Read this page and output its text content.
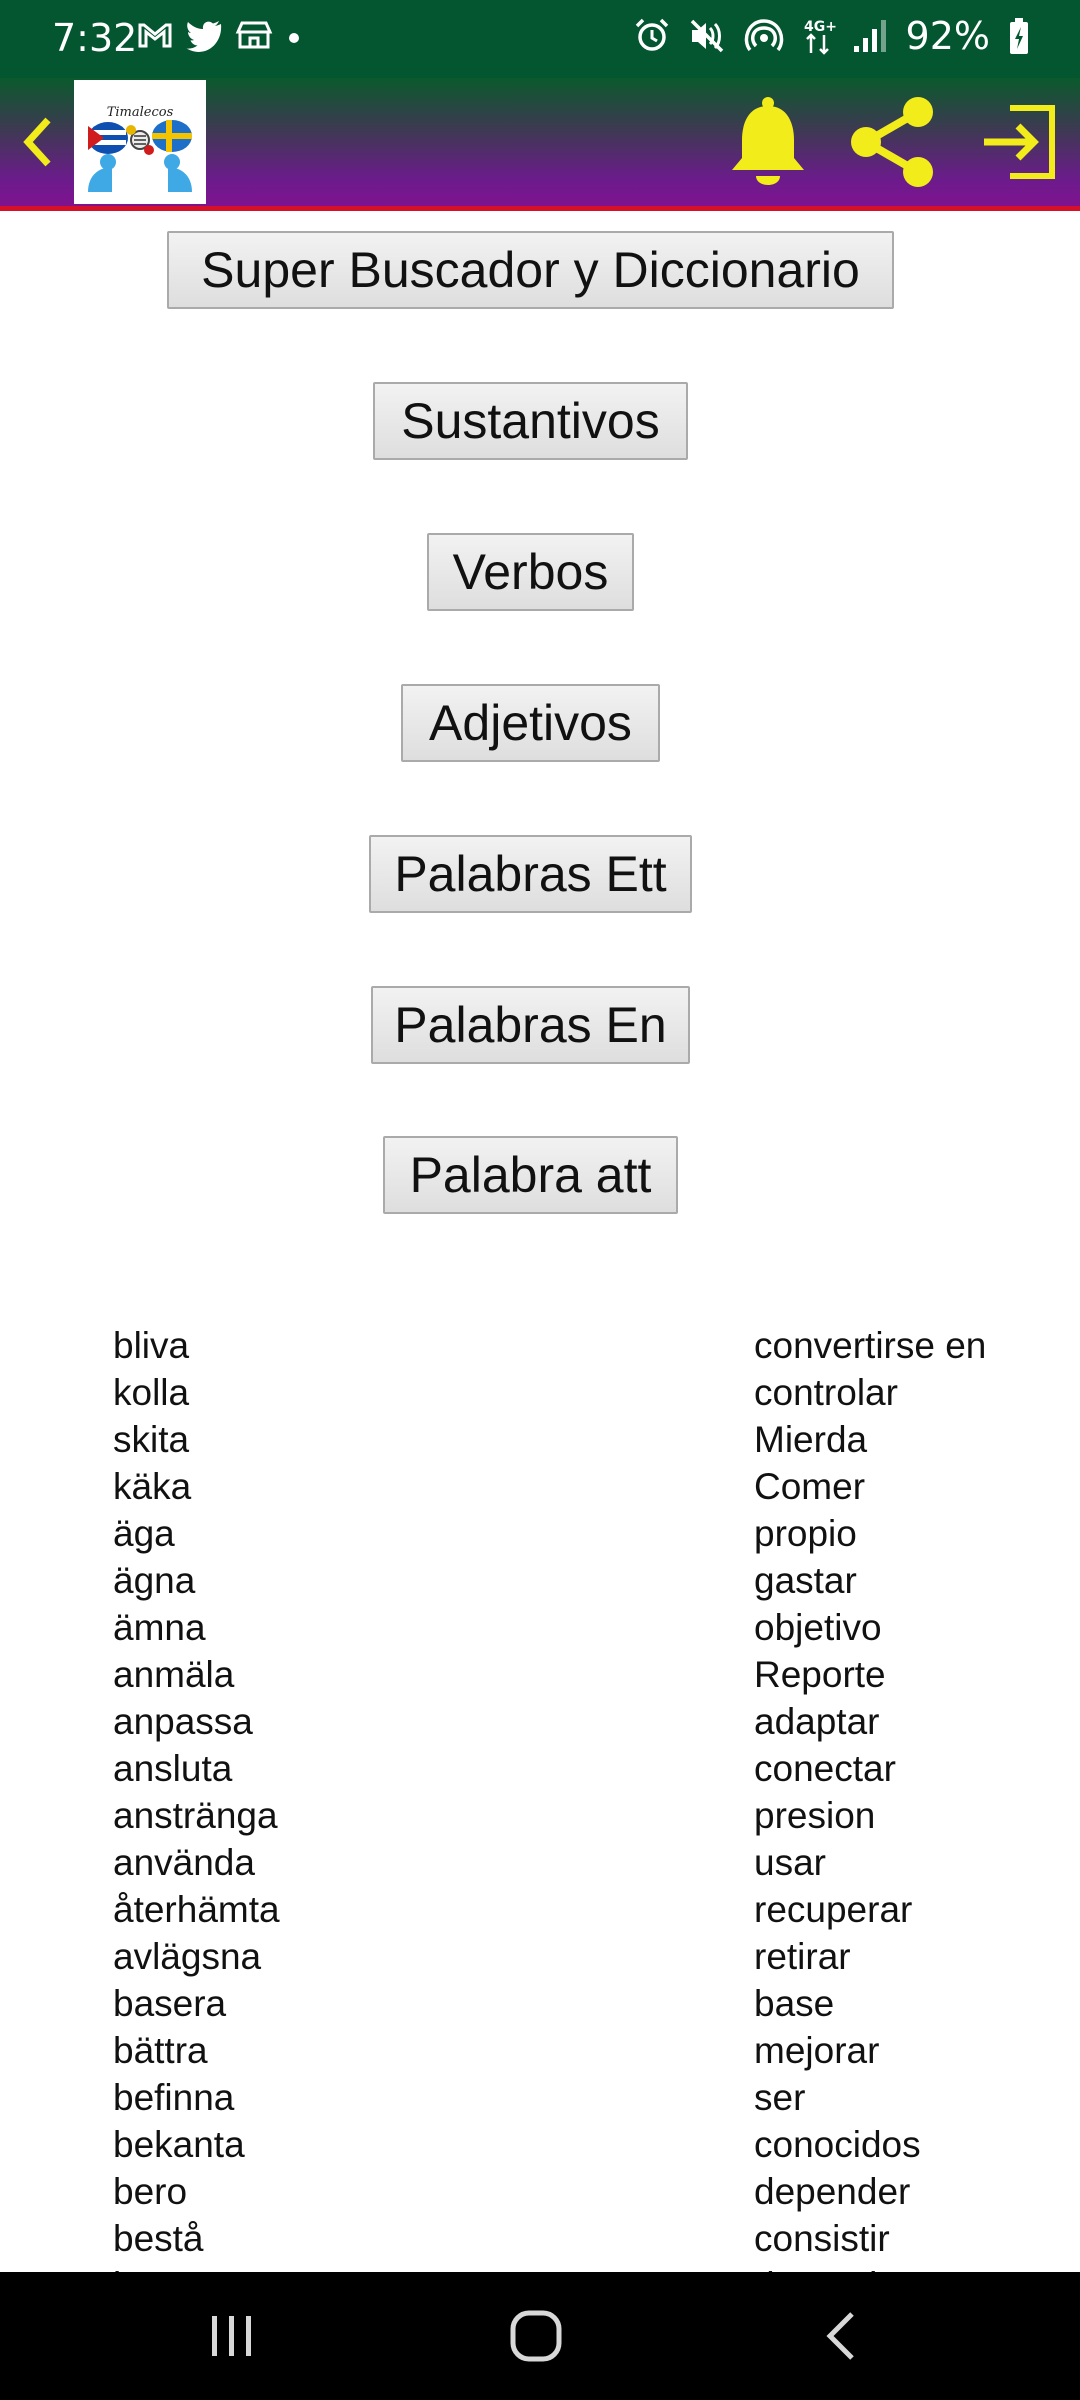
7:32	4G+ 92%
Timalecos
Super Buscador y Diccionario
Sustantivos
Verbos
Adjetivos
Palabras Ett
Palabras En
Palabra att
bliva	convertirse en
kolla	controlar
skita	Mierda
käka	Comer
äga	propio
ägna	gastar
ämna	objetivo
anmäla	Reporte
anpassa	adaptar
ansluta	conectar
anstränga	presion
använda	usar
återhämta	recuperar
avlägsna	retirar
basera	base
bättra	mejorar
befinna	ser
bekanta	conocidos
bero	depender
bestå	consistir
